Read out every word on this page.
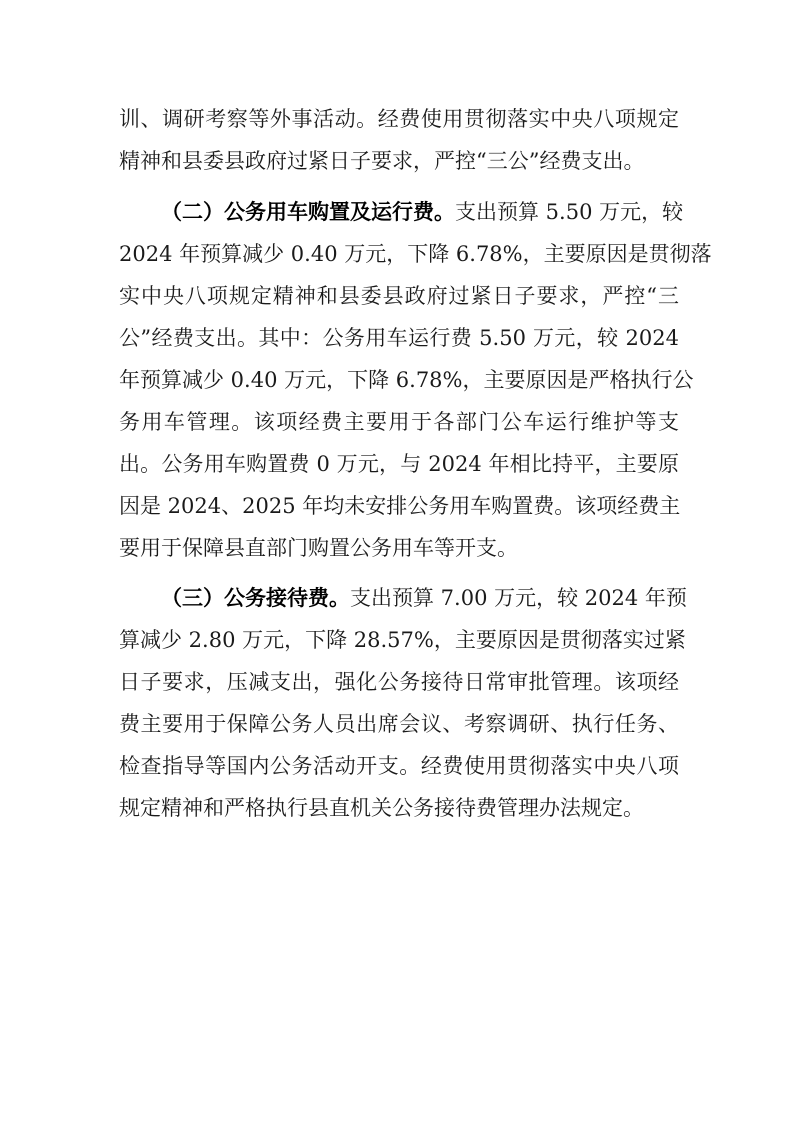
训、调研考察等外事活动。经费使用贯彻落实中央八项规定
精神和县委县政府过紧日子要求，严控“三公”经费支出。
（二）公务用车购置及运行费。支出预算 5.50 万元，较
2024 年预算减少 0.40 万元，下降 6.78%，主要原因是贯彻落
实中央八项规定精神和县委县政府过紧日子要求，严控“三
公”经费支出。其中：公务用车运行费 5.50 万元，较 2024
年预算减少 0.40 万元，下降 6.78%，主要原因是严格执行公
务用车管理。该项经费主要用于各部门公车运行维护等支
出。公务用车购置费 0 万元，与 2024 年相比持平，主要原
因是 2024、2025 年均未安排公务用车购置费。该项经费主
要用于保障县直部门购置公务用车等开支。
（三）公务接待费。支出预算 7.00 万元，较 2024 年预
算减少 2.80 万元，下降 28.57%，主要原因是贯彻落实过紧
日子要求，压减支出，强化公务接待日常审批管理。该项经
费主要用于保障公务人员出席会议、考察调研、执行任务、
检查指导等国内公务活动开支。经费使用贯彻落实中央八项
规定精神和严格执行县直机关公务接待费管理办法规定。
